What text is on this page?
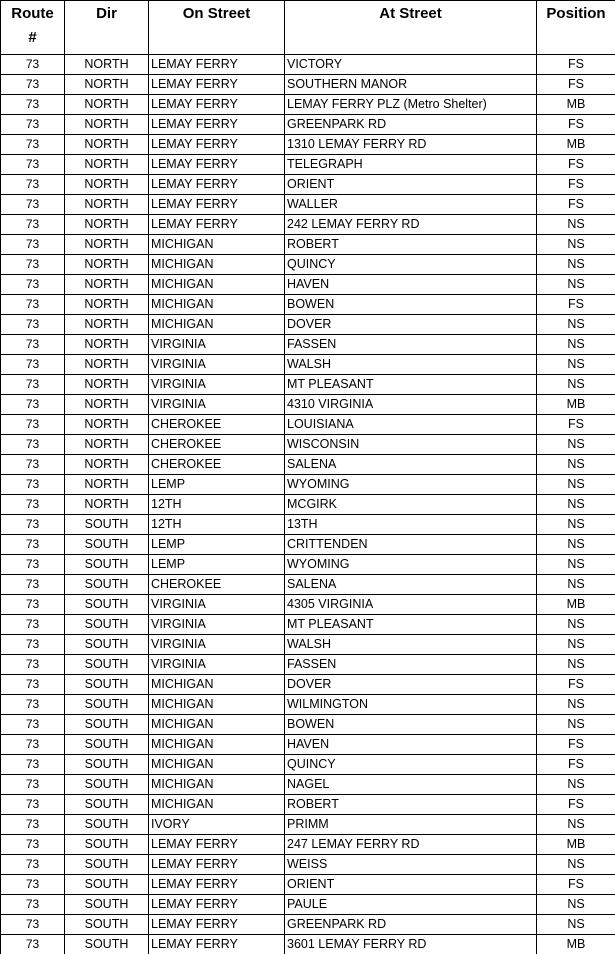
Route
#	Dir	On Street	At Street	Position
73	NORTH	LEMAY FERRY	VICTORY	FS
73	NORTH	LEMAY FERRY	SOUTHERN MANOR	FS
73	NORTH	LEMAY FERRY	LEMAY FERRY PLZ (Metro Shelter)	MB
73	NORTH	LEMAY FERRY	GREENPARK RD	FS
73	NORTH	LEMAY FERRY	1310 LEMAY FERRY RD	MB
73	NORTH	LEMAY FERRY	TELEGRAPH	FS
73	NORTH	LEMAY FERRY	ORIENT	FS
73	NORTH	LEMAY FERRY	WALLER	FS
73	NORTH	LEMAY FERRY	242 LEMAY FERRY RD	NS
73	NORTH	MICHIGAN	ROBERT	NS
73	NORTH	MICHIGAN	QUINCY	NS
73	NORTH	MICHIGAN	HAVEN	NS
73	NORTH	MICHIGAN	BOWEN	FS
73	NORTH	MICHIGAN	DOVER	NS
73	NORTH	VIRGINIA	FASSEN	NS
73	NORTH	VIRGINIA	WALSH	NS
73	NORTH	VIRGINIA	MT PLEASANT	NS
73	NORTH	VIRGINIA	4310 VIRGINIA	MB
73	NORTH	CHEROKEE	LOUISIANA	FS
73	NORTH	CHEROKEE	WISCONSIN	NS
73	NORTH	CHEROKEE	SALENA	NS
73	NORTH	LEMP	WYOMING	NS
73	NORTH	12TH	MCGIRK	NS
73	SOUTH	12TH	13TH	NS
73	SOUTH	LEMP	CRITTENDEN	NS
73	SOUTH	LEMP	WYOMING	NS
73	SOUTH	CHEROKEE	SALENA	NS
73	SOUTH	VIRGINIA	4305 VIRGINIA	MB
73	SOUTH	VIRGINIA	MT PLEASANT	NS
73	SOUTH	VIRGINIA	WALSH	NS
73	SOUTH	VIRGINIA	FASSEN	NS
73	SOUTH	MICHIGAN	DOVER	FS
73	SOUTH	MICHIGAN	WILMINGTON	NS
73	SOUTH	MICHIGAN	BOWEN	NS
73	SOUTH	MICHIGAN	HAVEN	FS
73	SOUTH	MICHIGAN	QUINCY	FS
73	SOUTH	MICHIGAN	NAGEL	NS
73	SOUTH	MICHIGAN	ROBERT	FS
73	SOUTH	IVORY	PRIMM	NS
73	SOUTH	LEMAY FERRY	247 LEMAY FERRY RD	MB
73	SOUTH	LEMAY FERRY	WEISS	NS
73	SOUTH	LEMAY FERRY	ORIENT	FS
73	SOUTH	LEMAY FERRY	PAULE	NS
73	SOUTH	LEMAY FERRY	GREENPARK RD	NS
73	SOUTH	LEMAY FERRY	3601 LEMAY FERRY RD	MB
